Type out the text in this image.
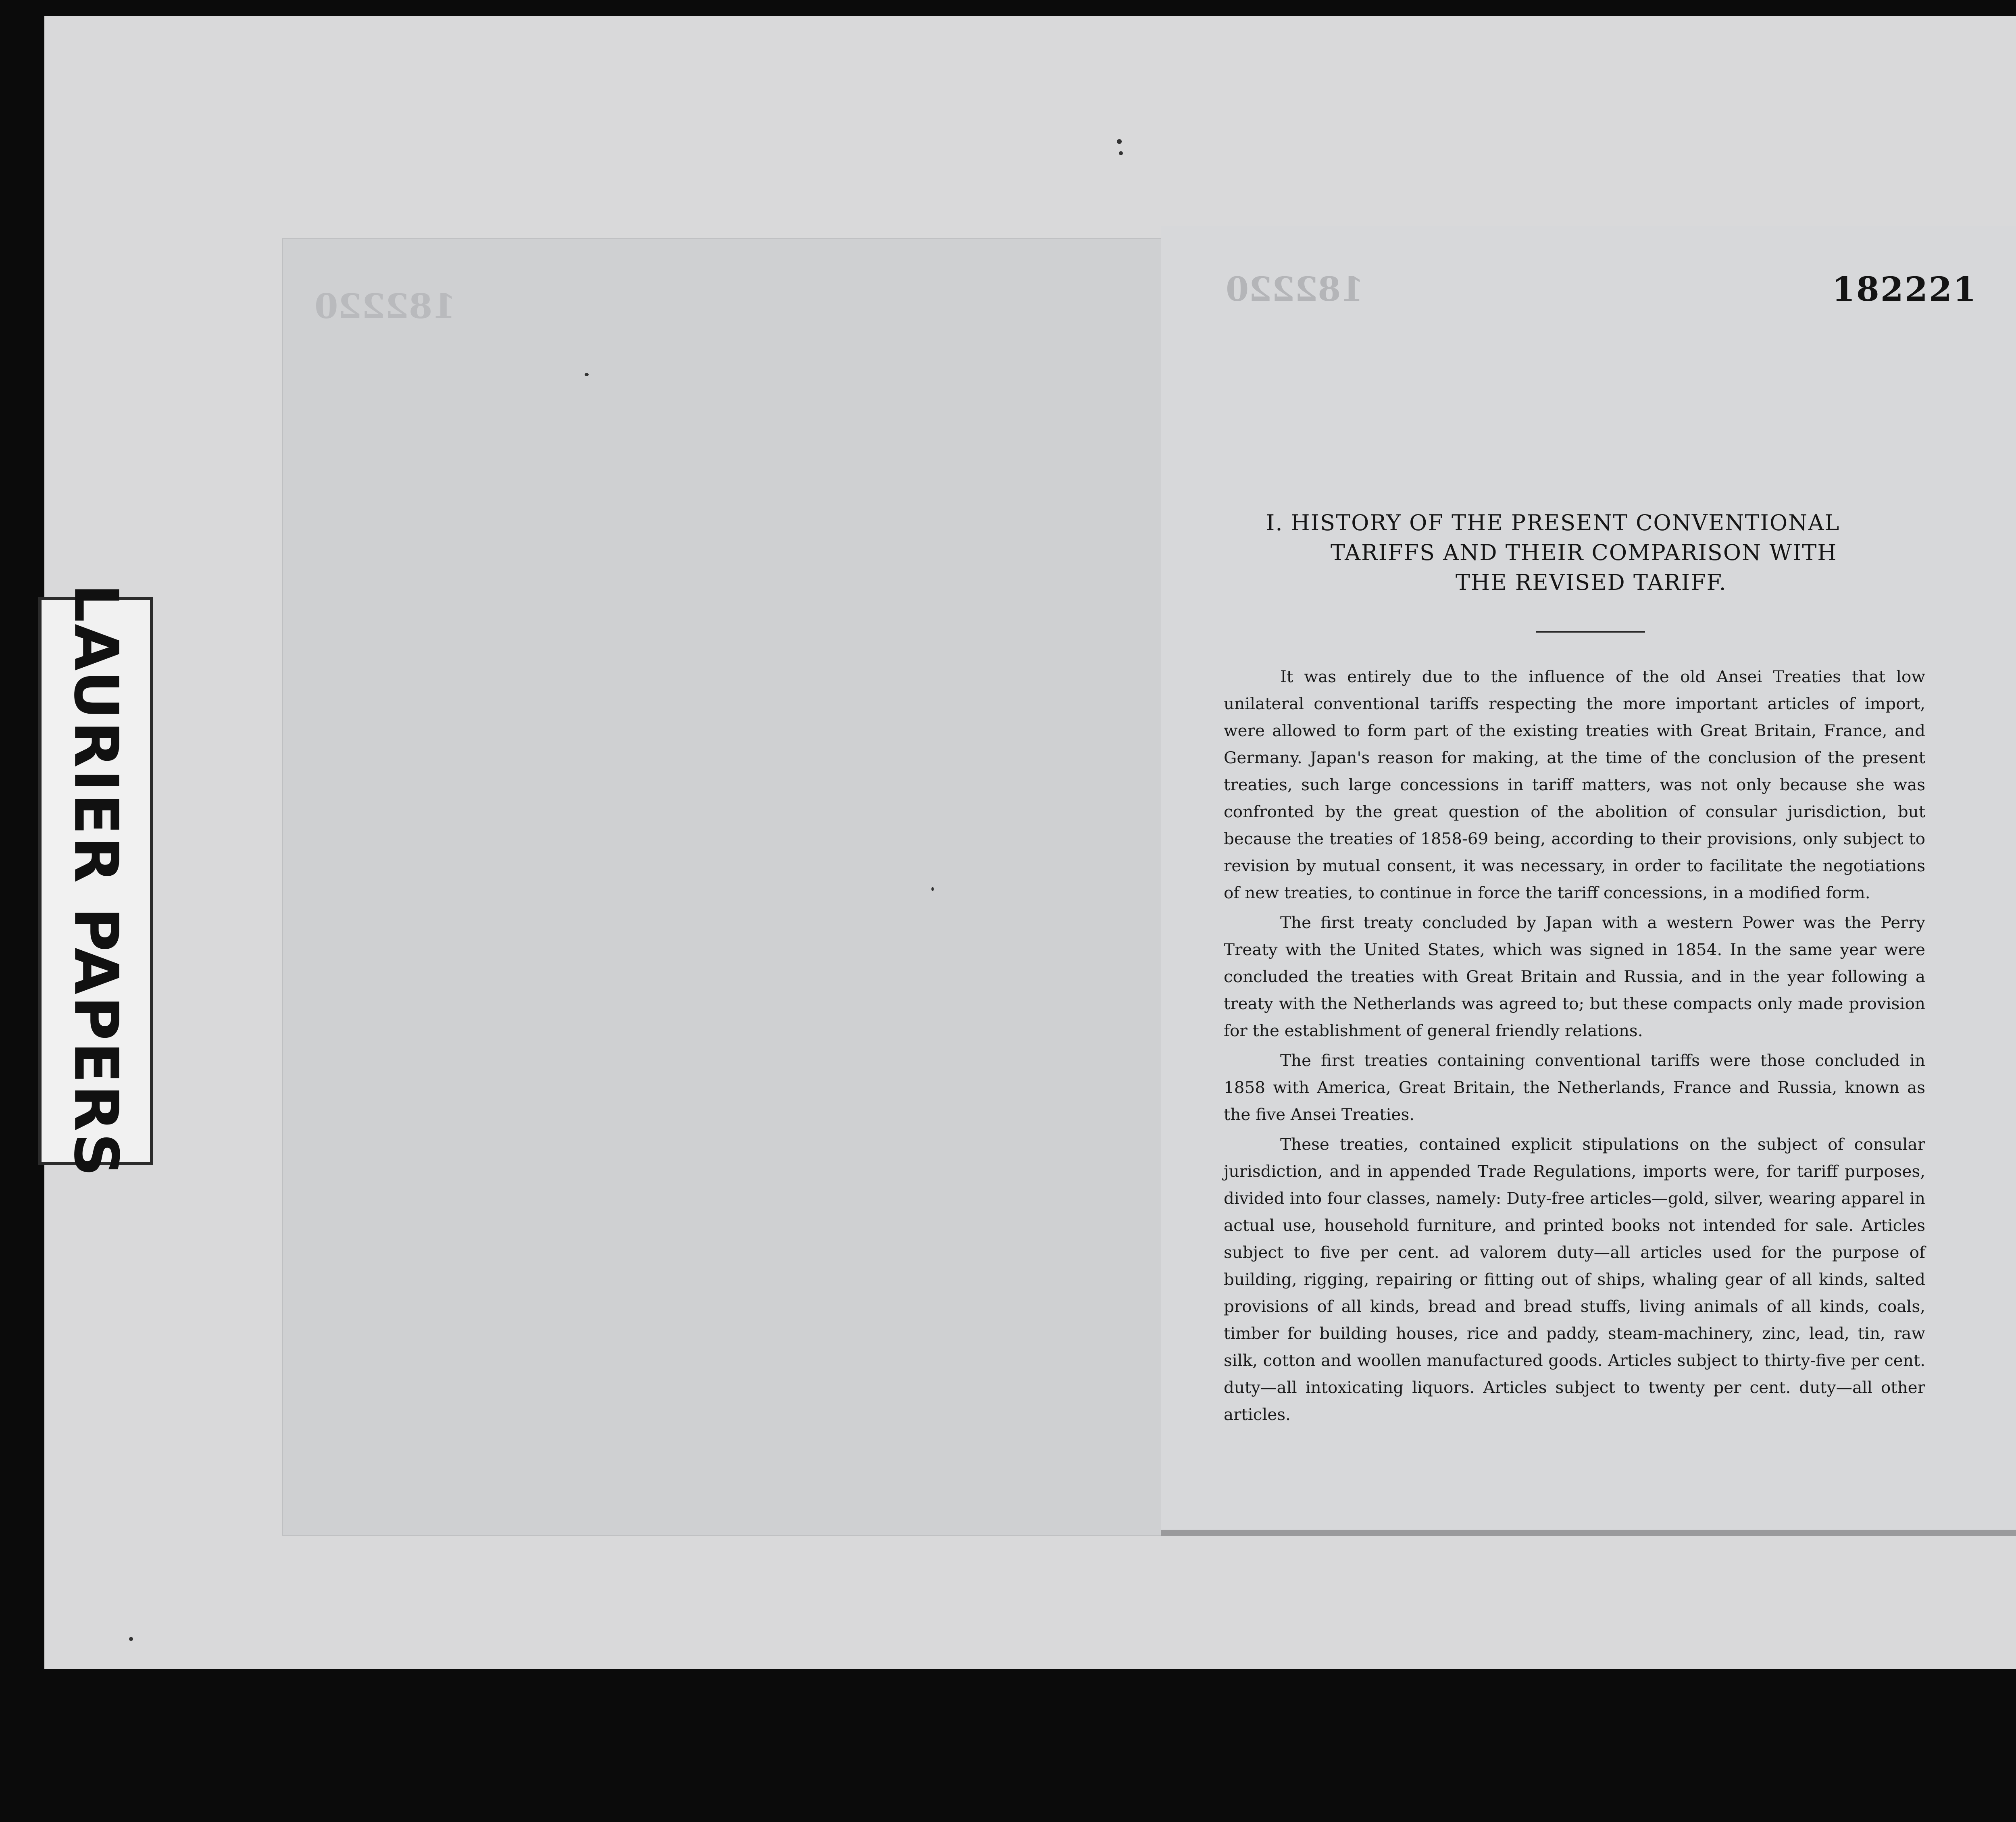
LAURIER PAPERS
182220	182220	182221
I. HISTORY OF THE PRESENT CONVENTIONAL
TARIFFS AND THEIR COMPARISON WITH
THE REVISED TARIFF.

It was entirely due to the influence of the old Ansei Treaties that low unilateral conventional tariffs respecting the more important articles of import, were allowed to form part of the existing treaties with Great Britain, France, and Germany. Japan's reason for making, at the time of the conclusion of the present treaties, such large concessions in tariff matters, was not only because she was confronted by the great question of the abolition of consular jurisdiction, but because the treaties of 1858-69 being, according to their provisions, only subject to revision by mutual consent, it was necessary, in order to facilitate the negotiations of new treaties, to continue in force the tariff concessions, in a modified form.

The first treaty concluded by Japan with a western Power was the Perry Treaty with the United States, which was signed in 1854. In the same year were concluded the treaties with Great Britain and Russia, and in the year following a treaty with the Netherlands was agreed to; but these compacts only made provision for the establishment of general friendly relations.

The first treaties containing conventional tariffs were those concluded in 1858 with America, Great Britain, the Netherlands, France and Russia, known as the five Ansei Treaties.

These treaties, contained explicit stipulations on the subject of consular jurisdiction, and in appended Trade Regulations, imports were, for tariff purposes, divided into four classes, namely: Duty-free articles—gold, silver, wearing apparel in actual use, household furniture, and printed books not intended for sale. Articles subject to five per cent. ad valorem duty—all articles used for the purpose of building, rigging, repairing or fitting out of ships, whaling gear of all kinds, salted provisions of all kinds, bread and bread stuffs, living animals of all kinds, coals, timber for building houses, rice and paddy, steam-machinery, zinc, lead, tin, raw silk, cotton and woollen manufactured goods. Articles subject to thirty-five per cent. duty—all intoxicating liquors. Articles subject to twenty per cent. duty—all other articles.
